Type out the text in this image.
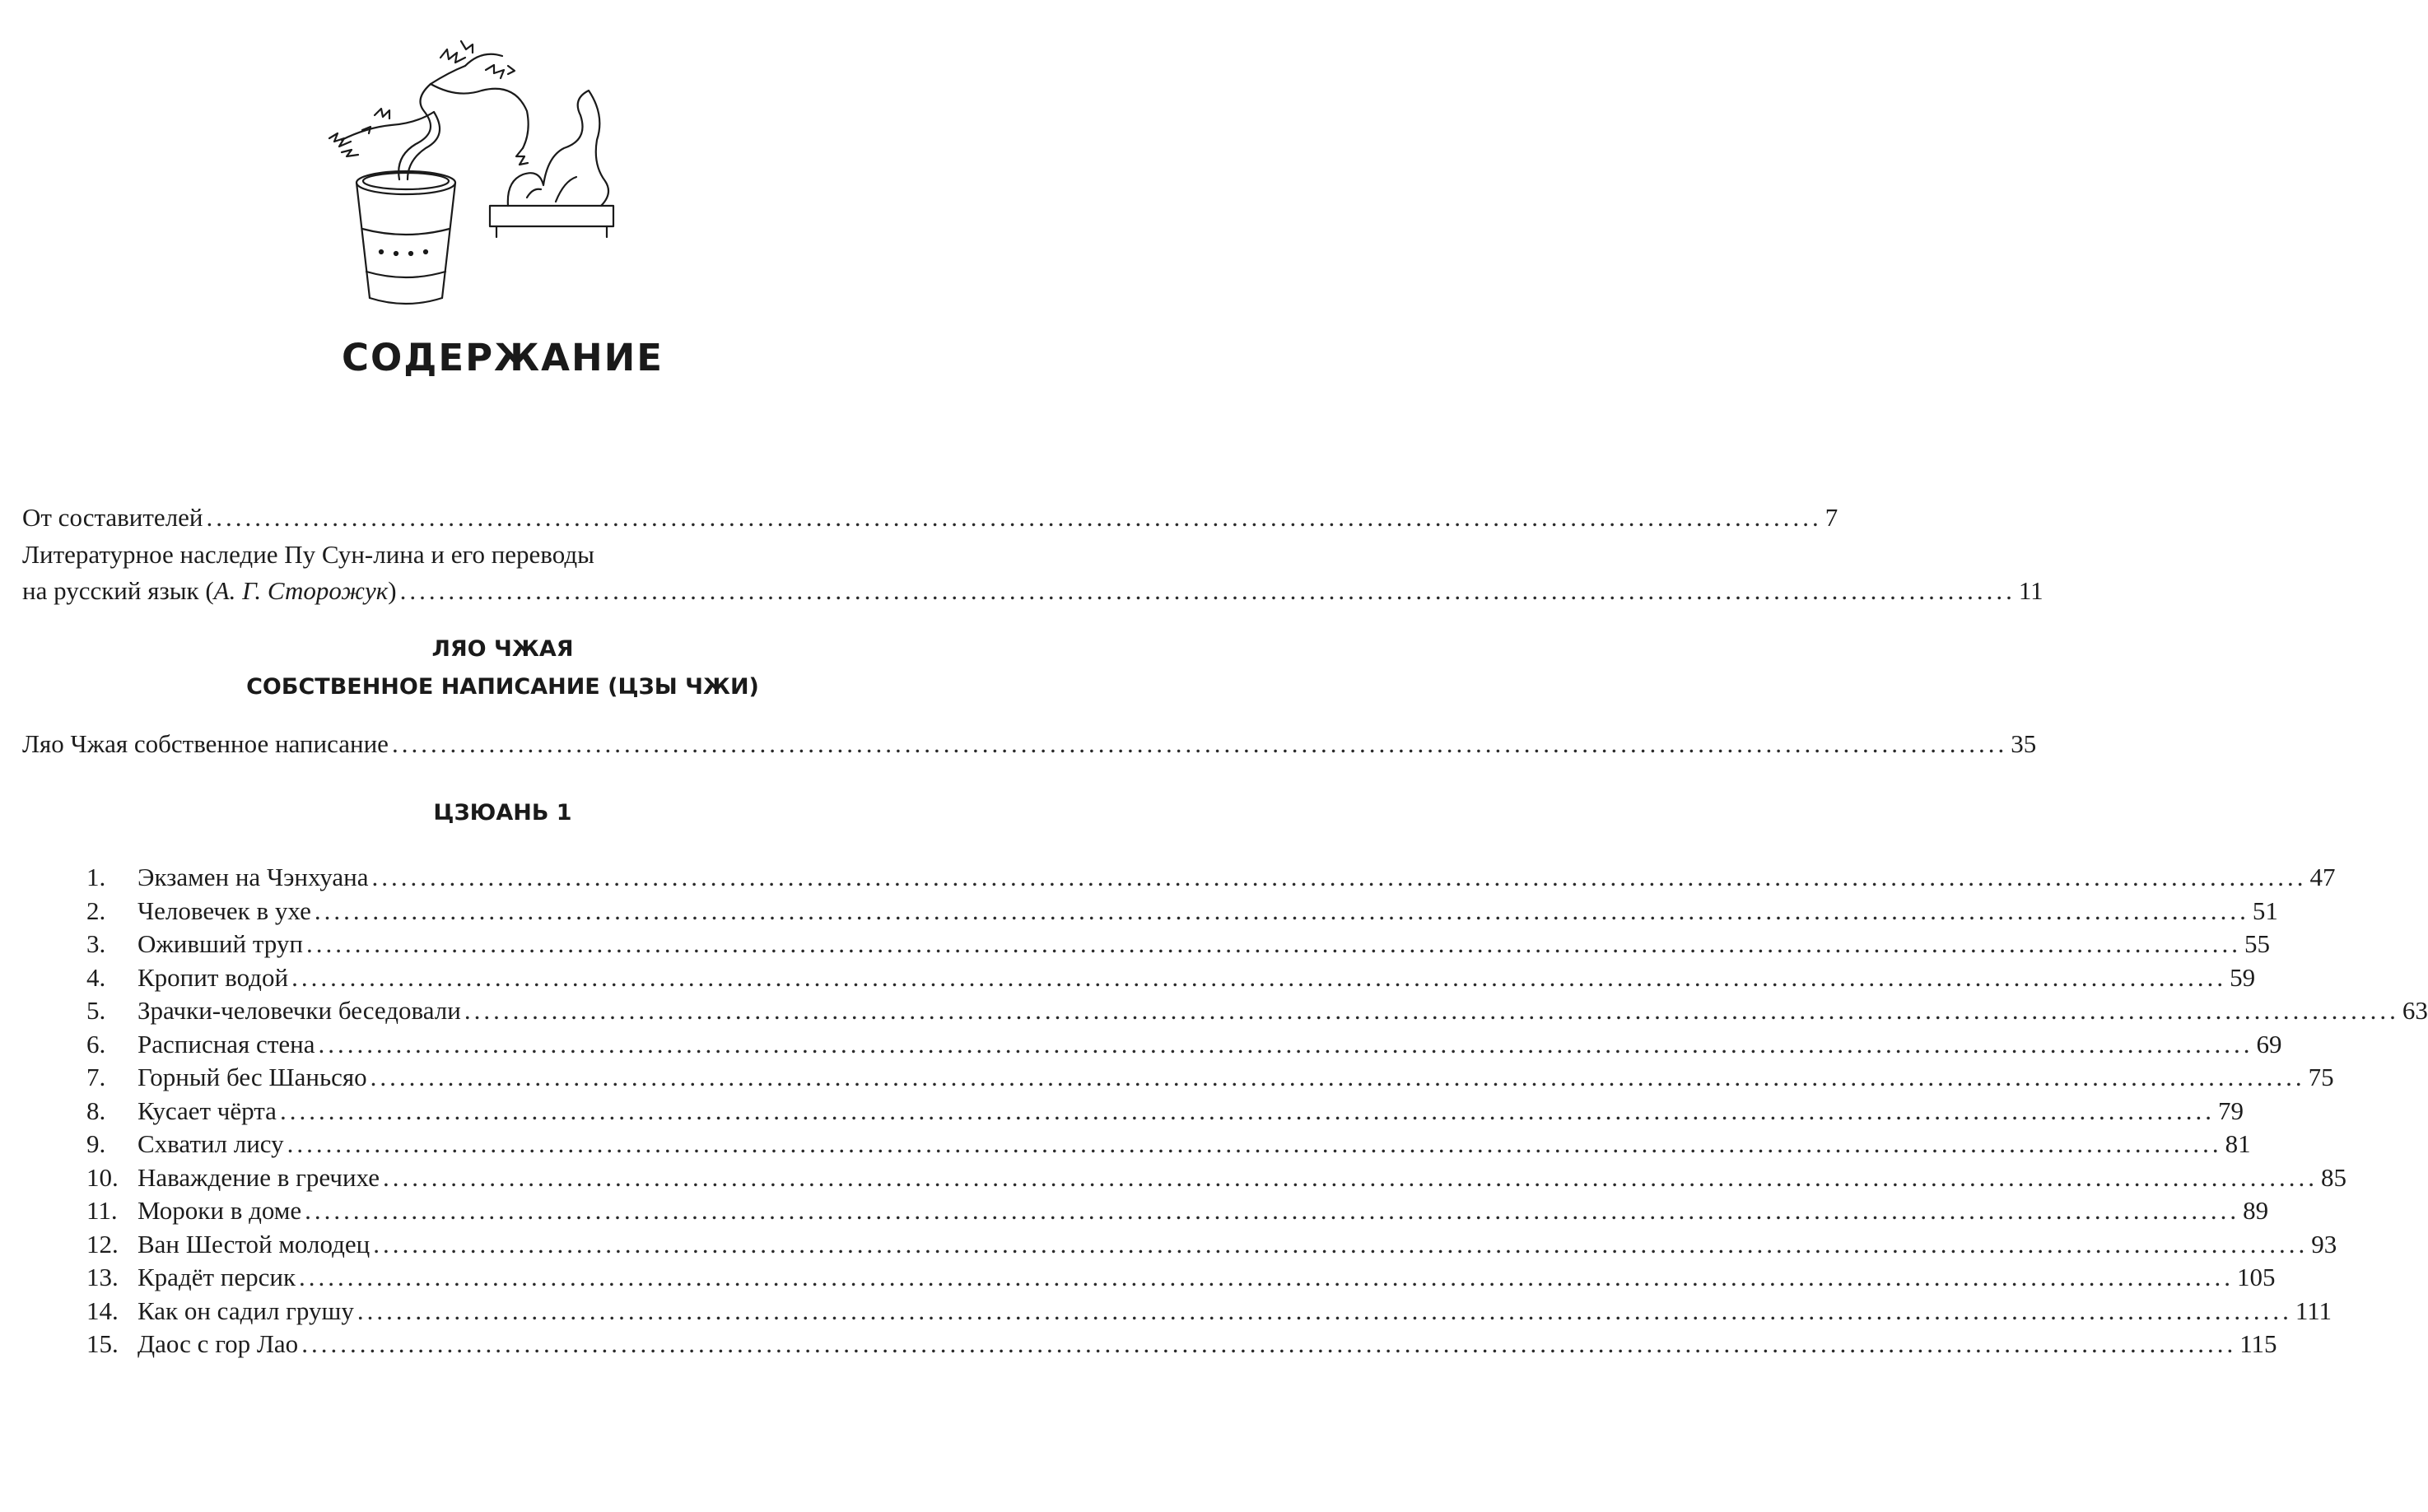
СОДЕРЖАНИЕ
От составителей ....................................................................................................................................................................... 7
Литературное наследие Пу Сун-лина и его переводы
на русский язык (А. Г. Сторожук) ....................................................................................................................................................................... 11
ЛЯО ЧЖАЯ
СОБСТВЕННОЕ НАПИСАНИЕ (ЦЗЫ ЧЖИ)
Ляо Чжая собственное написание ....................................................................................................................................................................... 35
ЦЗЮАНЬ 1
1.	Экзамен на Чэнхуана ........................................................................................................................................................................................................ 47
2.	Человечек в ухе ........................................................................................................................................................................................................ 51
3.	Оживший труп ........................................................................................................................................................................................................ 55
4.	Кропит водой ........................................................................................................................................................................................................ 59
5.	Зрачки-человечки беседовали ........................................................................................................................................................................................................ 63
6.	Расписная стена ........................................................................................................................................................................................................ 69
7.	Горный бес Шаньсяо ........................................................................................................................................................................................................ 75
8.	Кусает чёрта ........................................................................................................................................................................................................ 79
9.	Схватил лису ........................................................................................................................................................................................................ 81
10. Наваждение в гречихе ........................................................................................................................................................................................................ 85
11. Мороки в доме ........................................................................................................................................................................................................ 89
12. Ван Шестой молодец ........................................................................................................................................................................................................ 93
13. Крадёт персик ........................................................................................................................................................................................................ 105
14. Как он садил грушу ........................................................................................................................................................................................................ 111
15. Даос с гор Лао ........................................................................................................................................................................................................ 115
